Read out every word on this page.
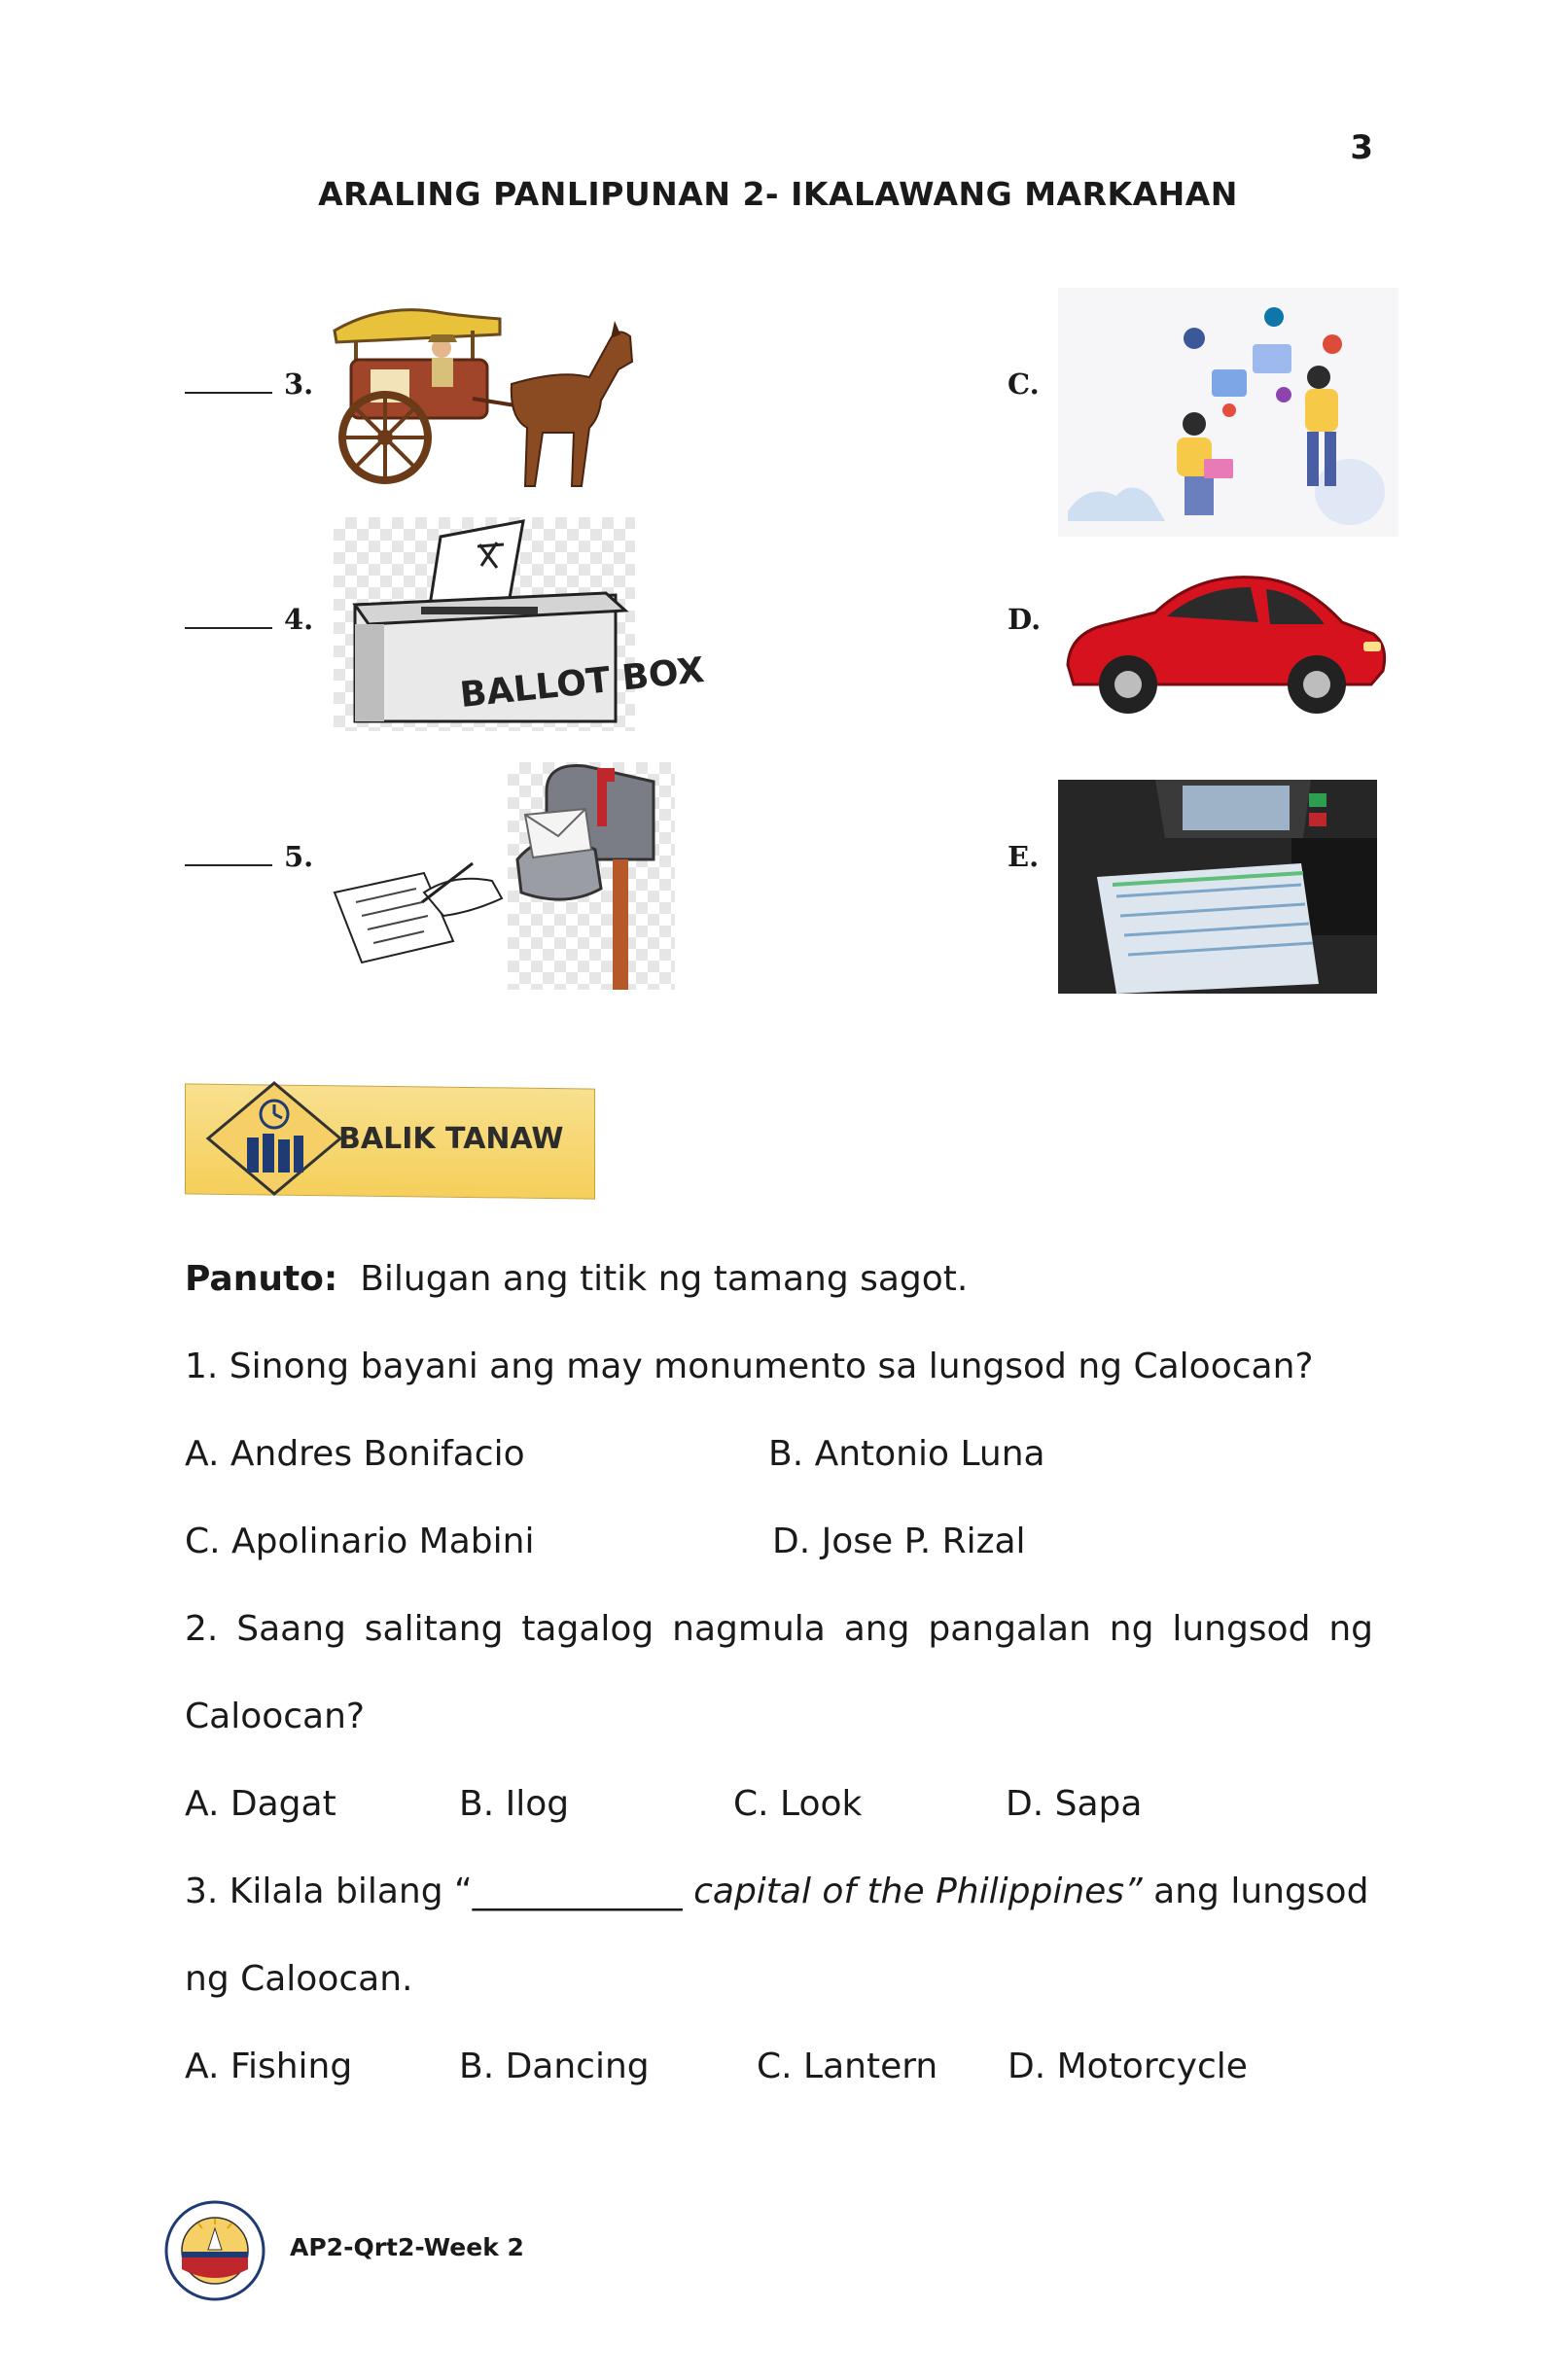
3
ARALING PANLIPUNAN 2- IKALAWANG MARKAHAN
3.
4.
5.
BALLOT BOX
C.
D.
E.
BALIK TANAW
Panuto: Bilugan ang titik ng tamang sagot.
1. Sinong bayani ang may monumento sa lungsod ng Caloocan?
A. Andres Bonifacio	B. Antonio Luna
C. Apolinario Mabini	D. Jose P. Rizal
2. Saang salitang tagalog nagmula ang pangalan ng lungsod ng
Caloocan?
A. Dagat	B. Ilog	C. Look	D. Sapa
3. Kilala bilang “____________ capital of the Philippines” ang lungsod
ng Caloocan.
A. Fishing	B. Dancing	C. Lantern D. Motorcycle
AP2-Qrt2-Week 2
